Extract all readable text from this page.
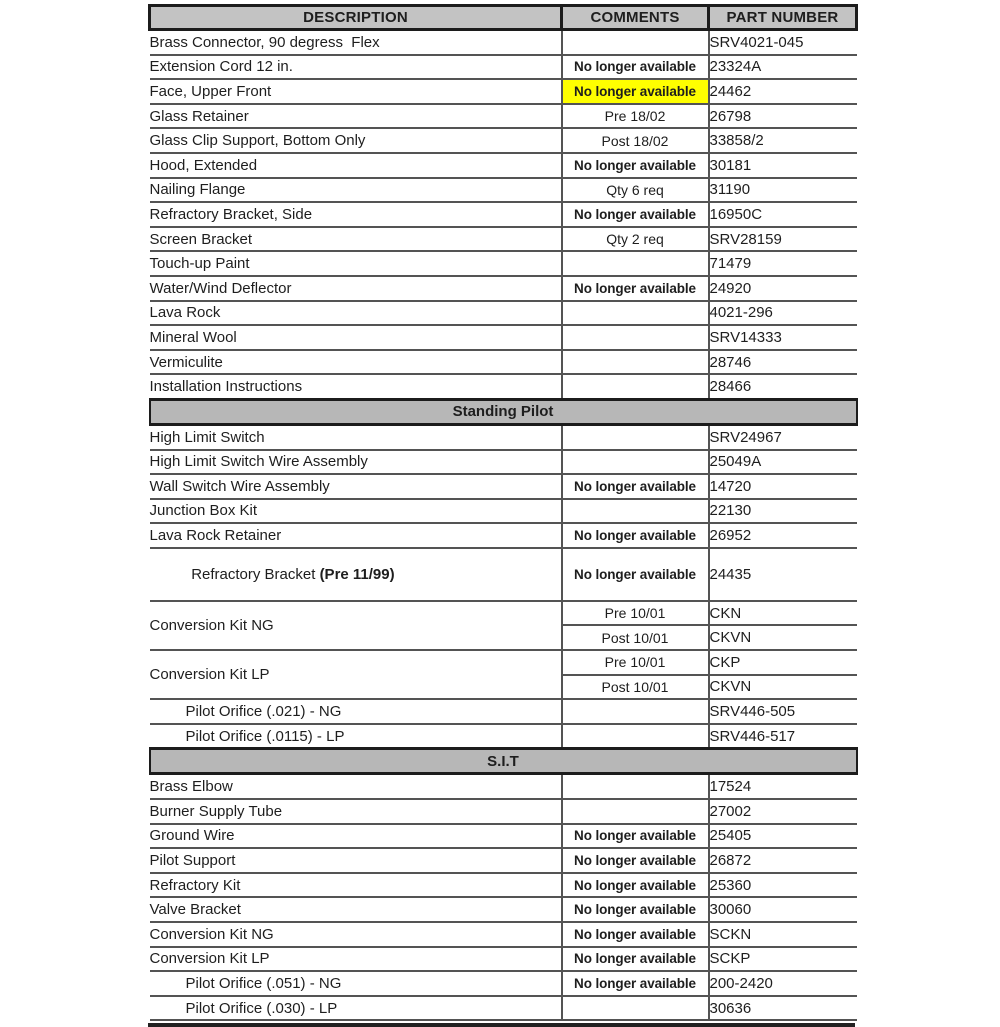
DESCRIPTION	COMMENTS	PART NUMBER
Brass Connector, 90 degress  Flex		SRV4021-045
Extension Cord 12 in.	No longer available	23324A
Face, Upper Front	No longer available	24462
Glass Retainer	Pre 18/02	26798
Glass Clip Support, Bottom Only	Post 18/02	33858/2
Hood, Extended	No longer available	30181
Nailing Flange	Qty 6 req	31190
Refractory Bracket, Side	No longer available	16950C
Screen Bracket	Qty 2 req	SRV28159
Touch-up Paint		71479
Water/Wind Deflector	No longer available	24920
Lava Rock		4021-296
Mineral Wool		SRV14333
Vermiculite		28746
Installation Instructions		28466
Standing Pilot		
High Limit Switch		SRV24967
High Limit Switch Wire Assembly		25049A
Wall Switch Wire Assembly	No longer available	14720
Junction Box Kit		22130
Lava Rock Retainer	No longer available	26952

Refractory Bracket (Pre 11/99)	No longer available	24435
Conversion Kit NG	Pre 10/01	CKN
	Post 10/01	CKVN
Conversion Kit LP	Pre 10/01	CKP
	Post 10/01	CKVN
Pilot Orifice (.021) - NG		SRV446-505
Pilot Orifice (.0115) - LP		SRV446-517
S.I.T		
Brass Elbow		17524
Burner Supply Tube		27002
Ground Wire	No longer available	25405
Pilot Support	No longer available	26872
Refractory Kit	No longer available	25360
Valve Bracket	No longer available	30060
Conversion Kit NG	No longer available	SCKN
Conversion Kit LP	No longer available	SCKP
Pilot Orifice (.051) - NG	No longer available	200-2420
Pilot Orifice (.030) - LP		30636
